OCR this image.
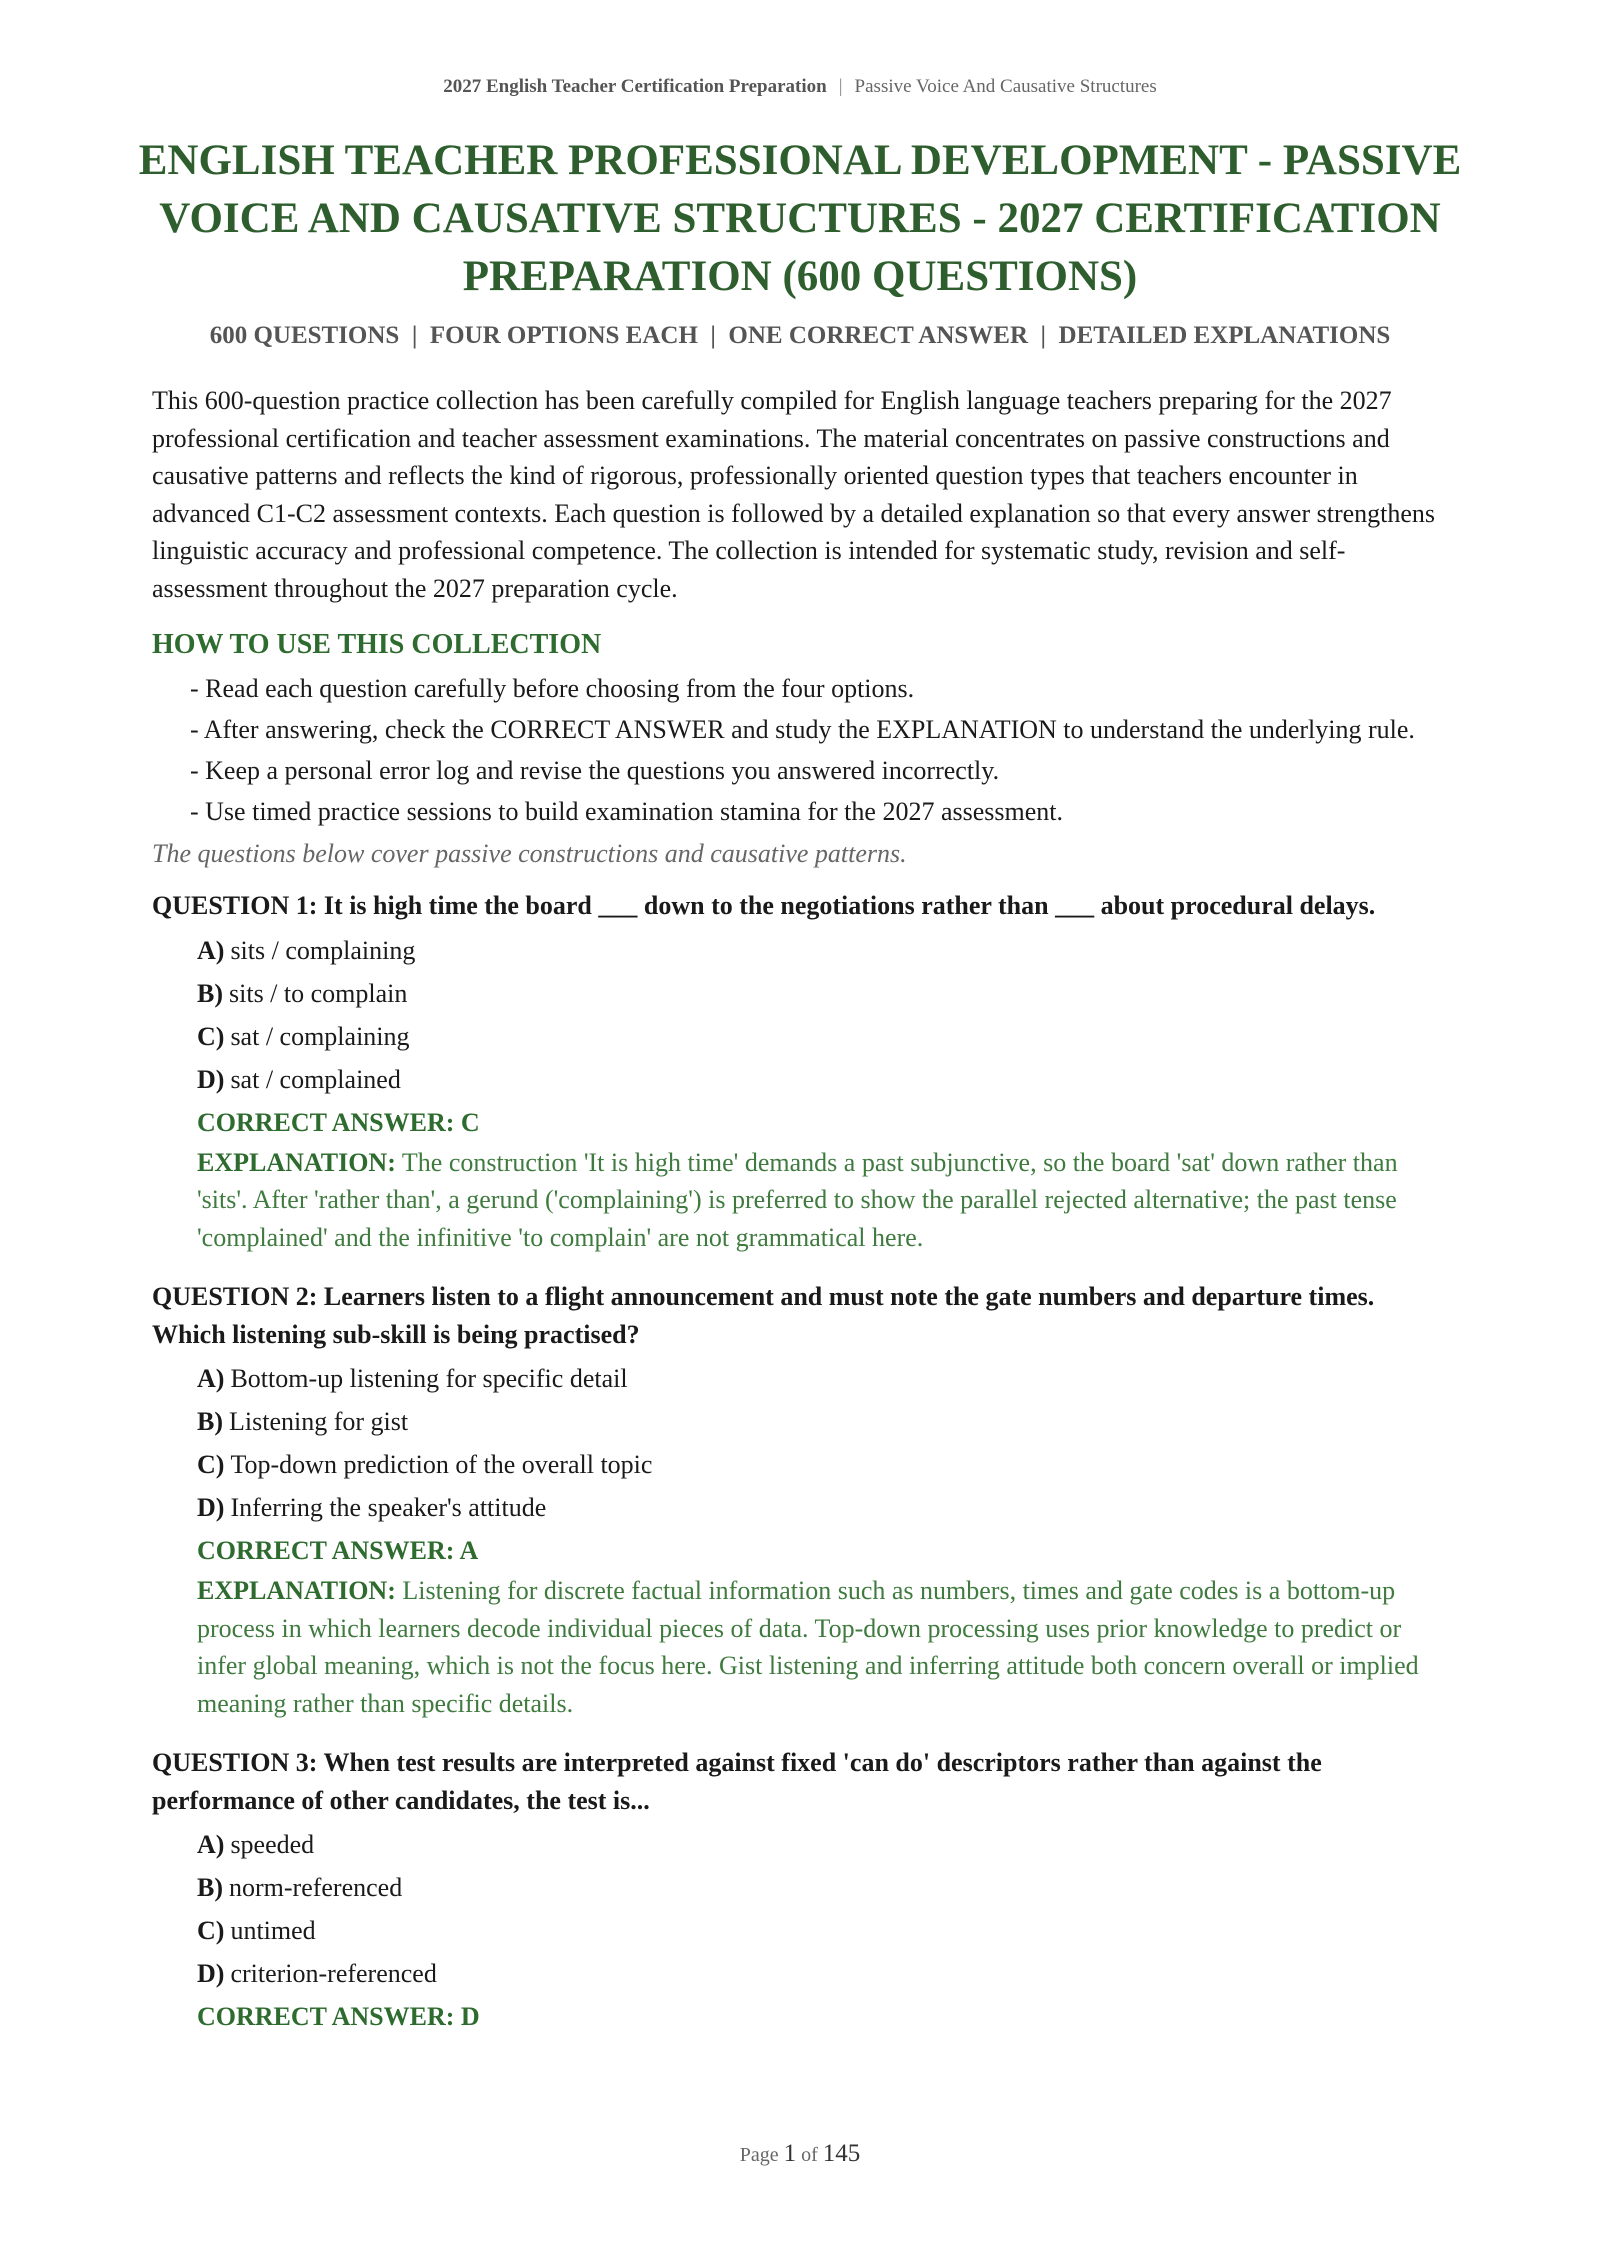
2027 English Teacher Certification Preparation | Passive Voice And Causative Structures
ENGLISH TEACHER PROFESSIONAL DEVELOPMENT - PASSIVE VOICE AND CAUSATIVE STRUCTURES - 2027 CERTIFICATION PREPARATION (600 QUESTIONS)
600 QUESTIONS  |  FOUR OPTIONS EACH  |  ONE CORRECT ANSWER  |  DETAILED EXPLANATIONS

This 600-question practice collection has been carefully compiled for English language teachers preparing for the 2027 professional certification and teacher assessment examinations. The material concentrates on passive constructions and causative patterns and reflects the kind of rigorous, professionally oriented question types that teachers encounter in advanced C1-C2 assessment contexts. Each question is followed by a detailed explanation so that every answer strengthens linguistic accuracy and professional competence. The collection is intended for systematic study, revision and self-assessment throughout the 2027 preparation cycle.

HOW TO USE THIS COLLECTION
- Read each question carefully before choosing from the four options.
- After answering, check the CORRECT ANSWER and study the EXPLANATION to understand the underlying rule.
- Keep a personal error log and revise the questions you answered incorrectly.
- Use timed practice sessions to build examination stamina for the 2027 assessment.

The questions below cover passive constructions and causative patterns.

QUESTION 1: It is high time the board ___ down to the negotiations rather than ___ about procedural delays.

A) sits / complaining
B) sits / to complain
C) sat / complaining
D) sat / complained

CORRECT ANSWER: C

EXPLANATION: The construction 'It is high time' demands a past subjunctive, so the board 'sat' down rather than 'sits'. After 'rather than', a gerund ('complaining') is preferred to show the parallel rejected alternative; the past tense 'complained' and the infinitive 'to complain' are not grammatical here.

QUESTION 2: Learners listen to a flight announcement and must note the gate numbers and departure times. Which listening sub-skill is being practised?

A) Bottom-up listening for specific detail
B) Listening for gist
C) Top-down prediction of the overall topic
D) Inferring the speaker's attitude

CORRECT ANSWER: A

EXPLANATION: Listening for discrete factual information such as numbers, times and gate codes is a bottom-up process in which learners decode individual pieces of data. Top-down processing uses prior knowledge to predict or infer global meaning, which is not the focus here. Gist listening and inferring attitude both concern overall or implied meaning rather than specific details.

QUESTION 3: When test results are interpreted against fixed 'can do' descriptors rather than against the performance of other candidates, the test is...

A) speeded
B) norm-referenced
C) untimed
D) criterion-referenced

CORRECT ANSWER: D

Page 1 of 145
